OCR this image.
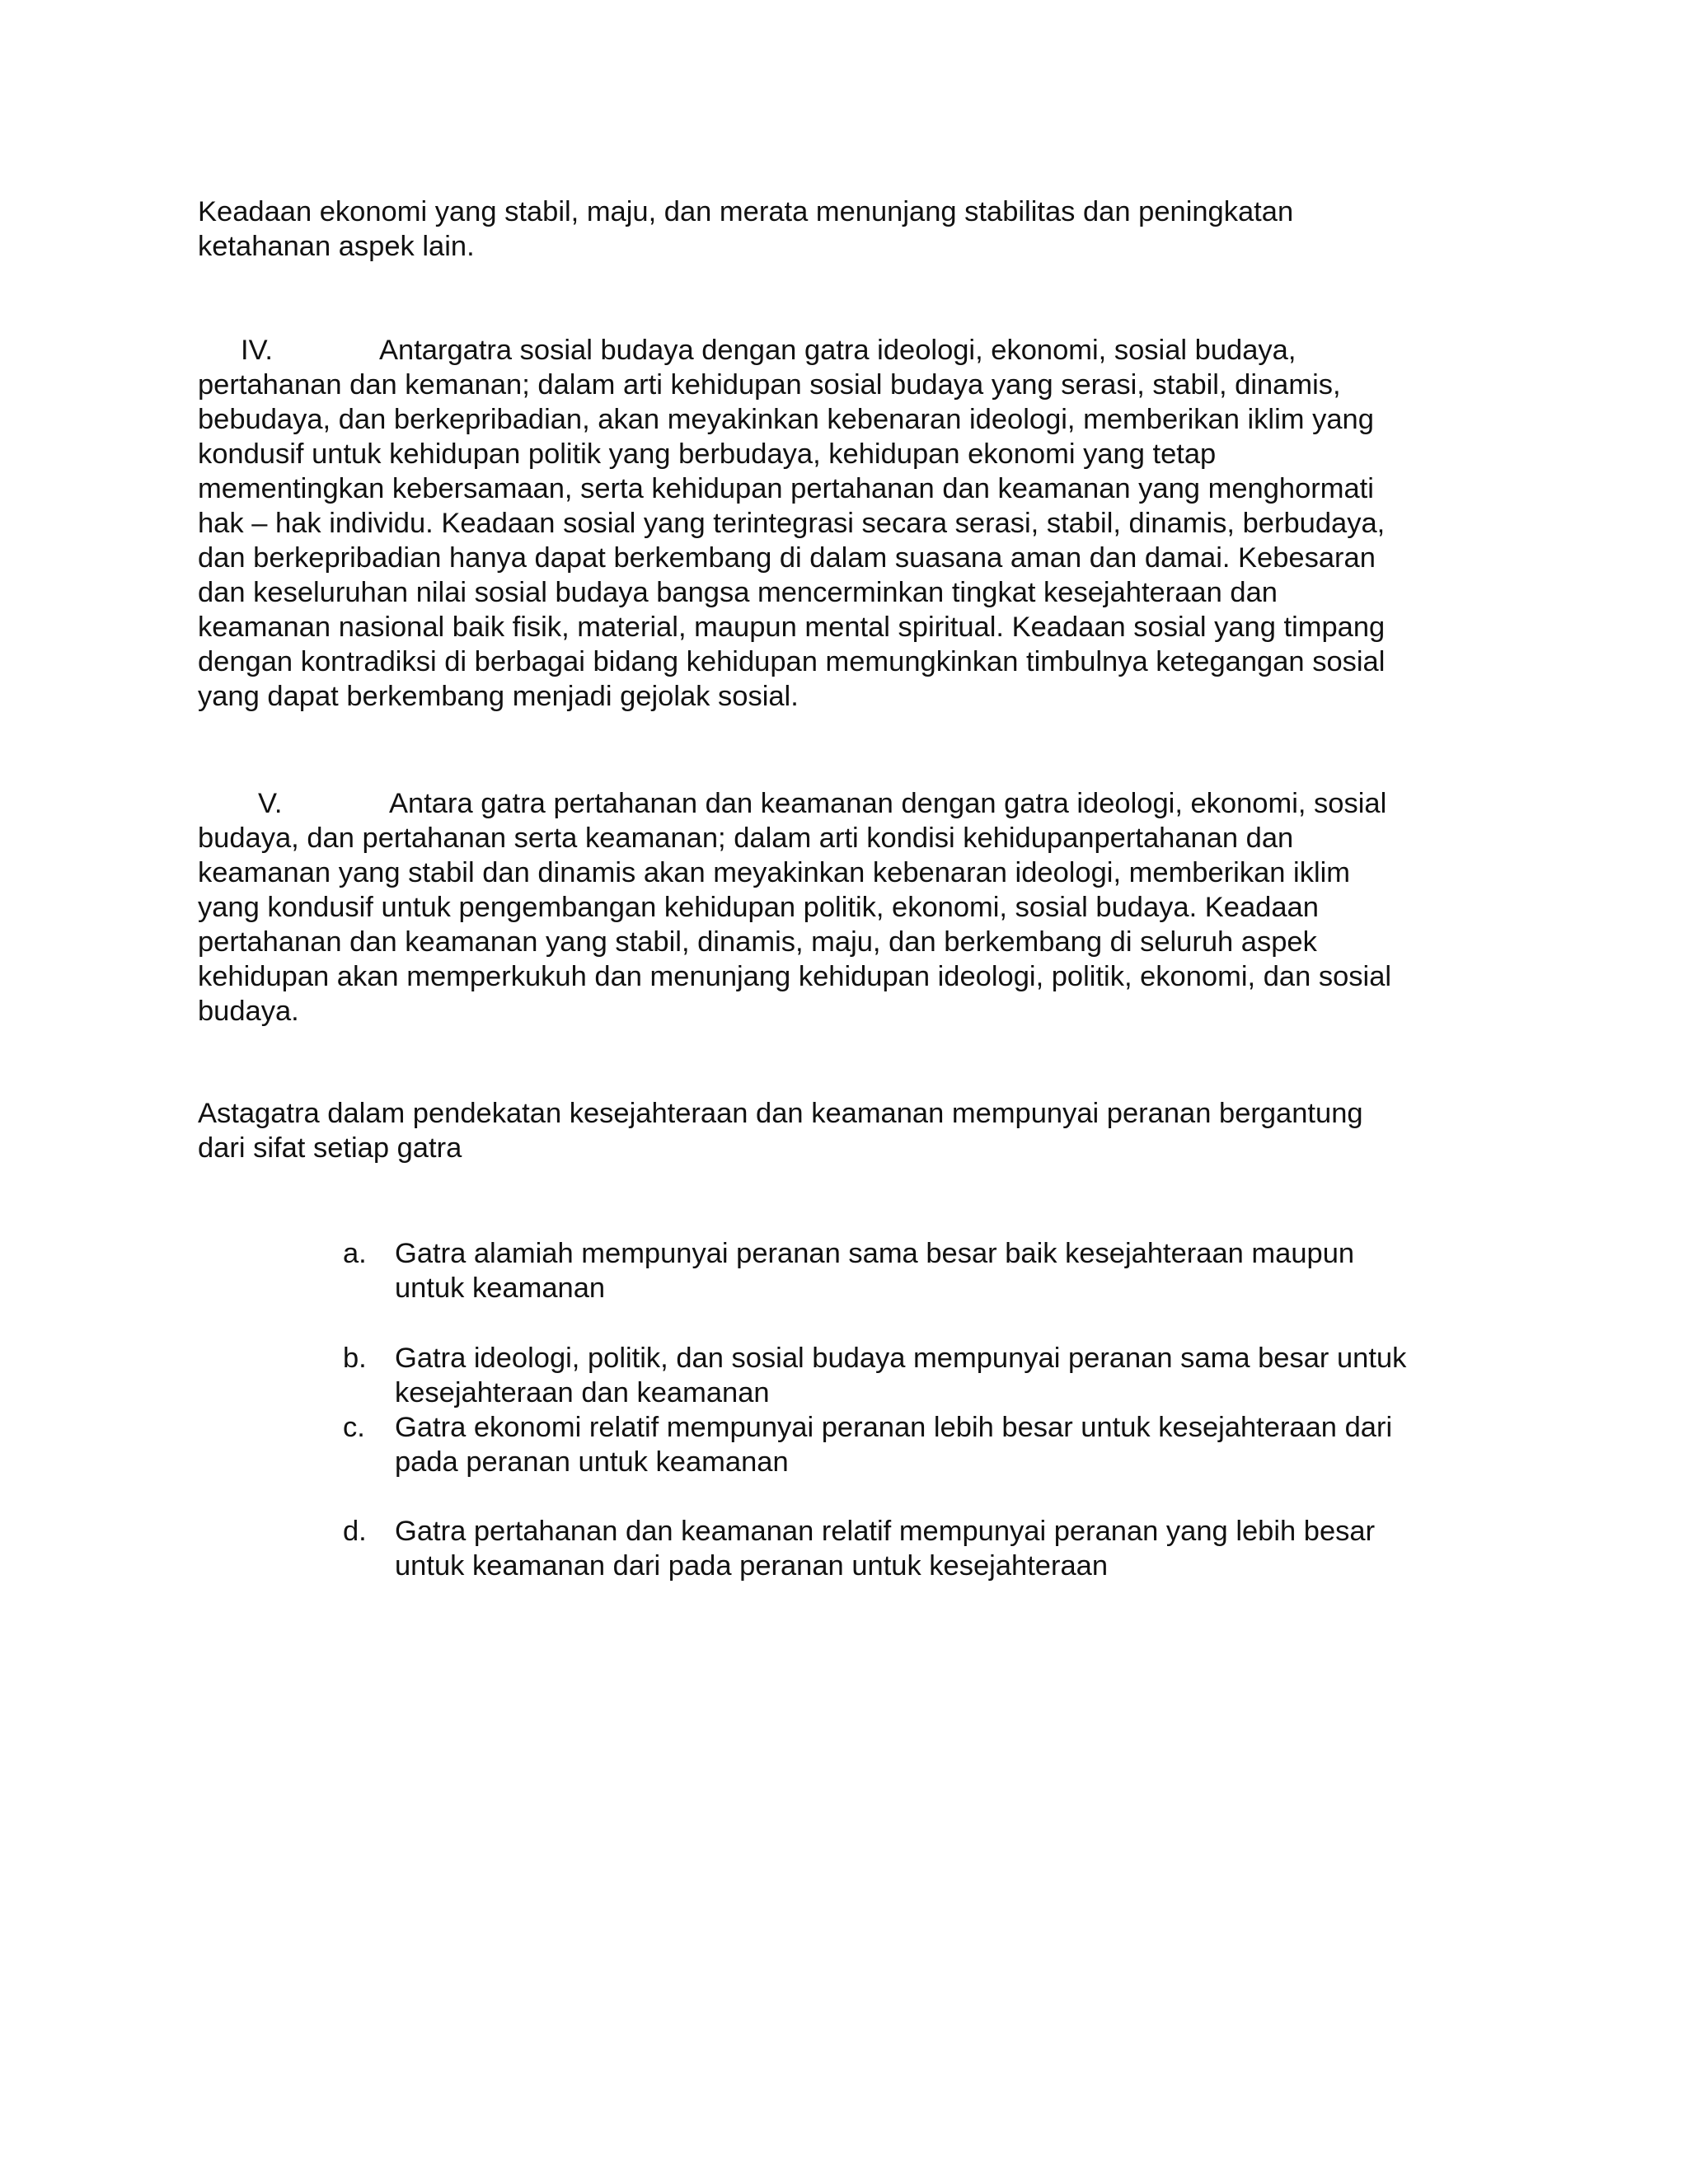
Keadaan ekonomi yang stabil, maju, dan merata menunjang stabilitas dan peningkatan
ketahanan aspek lain.
IV.	Antargatra sosial budaya dengan gatra ideologi, ekonomi, sosial budaya,
pertahanan dan kemanan; dalam arti kehidupan sosial budaya yang serasi, stabil, dinamis,
bebudaya, dan berkepribadian, akan meyakinkan kebenaran ideologi, memberikan iklim yang
kondusif untuk kehidupan politik yang berbudaya, kehidupan ekonomi yang tetap
mementingkan kebersamaan, serta kehidupan pertahanan dan keamanan yang menghormati
hak – hak individu. Keadaan sosial yang terintegrasi secara serasi, stabil, dinamis, berbudaya,
dan berkepribadian hanya dapat berkembang di dalam suasana aman dan damai. Kebesaran
dan keseluruhan nilai sosial budaya bangsa mencerminkan tingkat kesejahteraan dan
keamanan nasional baik fisik, material, maupun mental spiritual. Keadaan sosial yang timpang
dengan kontradiksi di berbagai bidang kehidupan memungkinkan timbulnya ketegangan sosial
yang dapat berkembang menjadi gejolak sosial.
V.	Antara gatra pertahanan dan keamanan dengan gatra ideologi, ekonomi, sosial
budaya, dan pertahanan serta keamanan; dalam arti kondisi kehidupanpertahanan dan
keamanan yang stabil dan dinamis akan meyakinkan kebenaran ideologi, memberikan iklim
yang kondusif untuk pengembangan kehidupan politik, ekonomi, sosial budaya. Keadaan
pertahanan dan keamanan yang stabil, dinamis, maju, dan berkembang di seluruh aspek
kehidupan akan memperkukuh dan menunjang kehidupan ideologi, politik, ekonomi, dan sosial
budaya.
Astagatra dalam pendekatan kesejahteraan dan keamanan mempunyai peranan bergantung
dari sifat setiap gatra
a. Gatra alamiah mempunyai peranan sama besar baik kesejahteraan maupun
untuk keamanan
b. Gatra ideologi, politik, dan sosial budaya mempunyai peranan sama besar untuk
kesejahteraan dan keamanan
c. Gatra ekonomi relatif mempunyai peranan lebih besar untuk kesejahteraan dari
pada peranan untuk keamanan
d. Gatra pertahanan dan keamanan relatif mempunyai peranan yang lebih besar
untuk keamanan dari pada peranan untuk kesejahteraan
